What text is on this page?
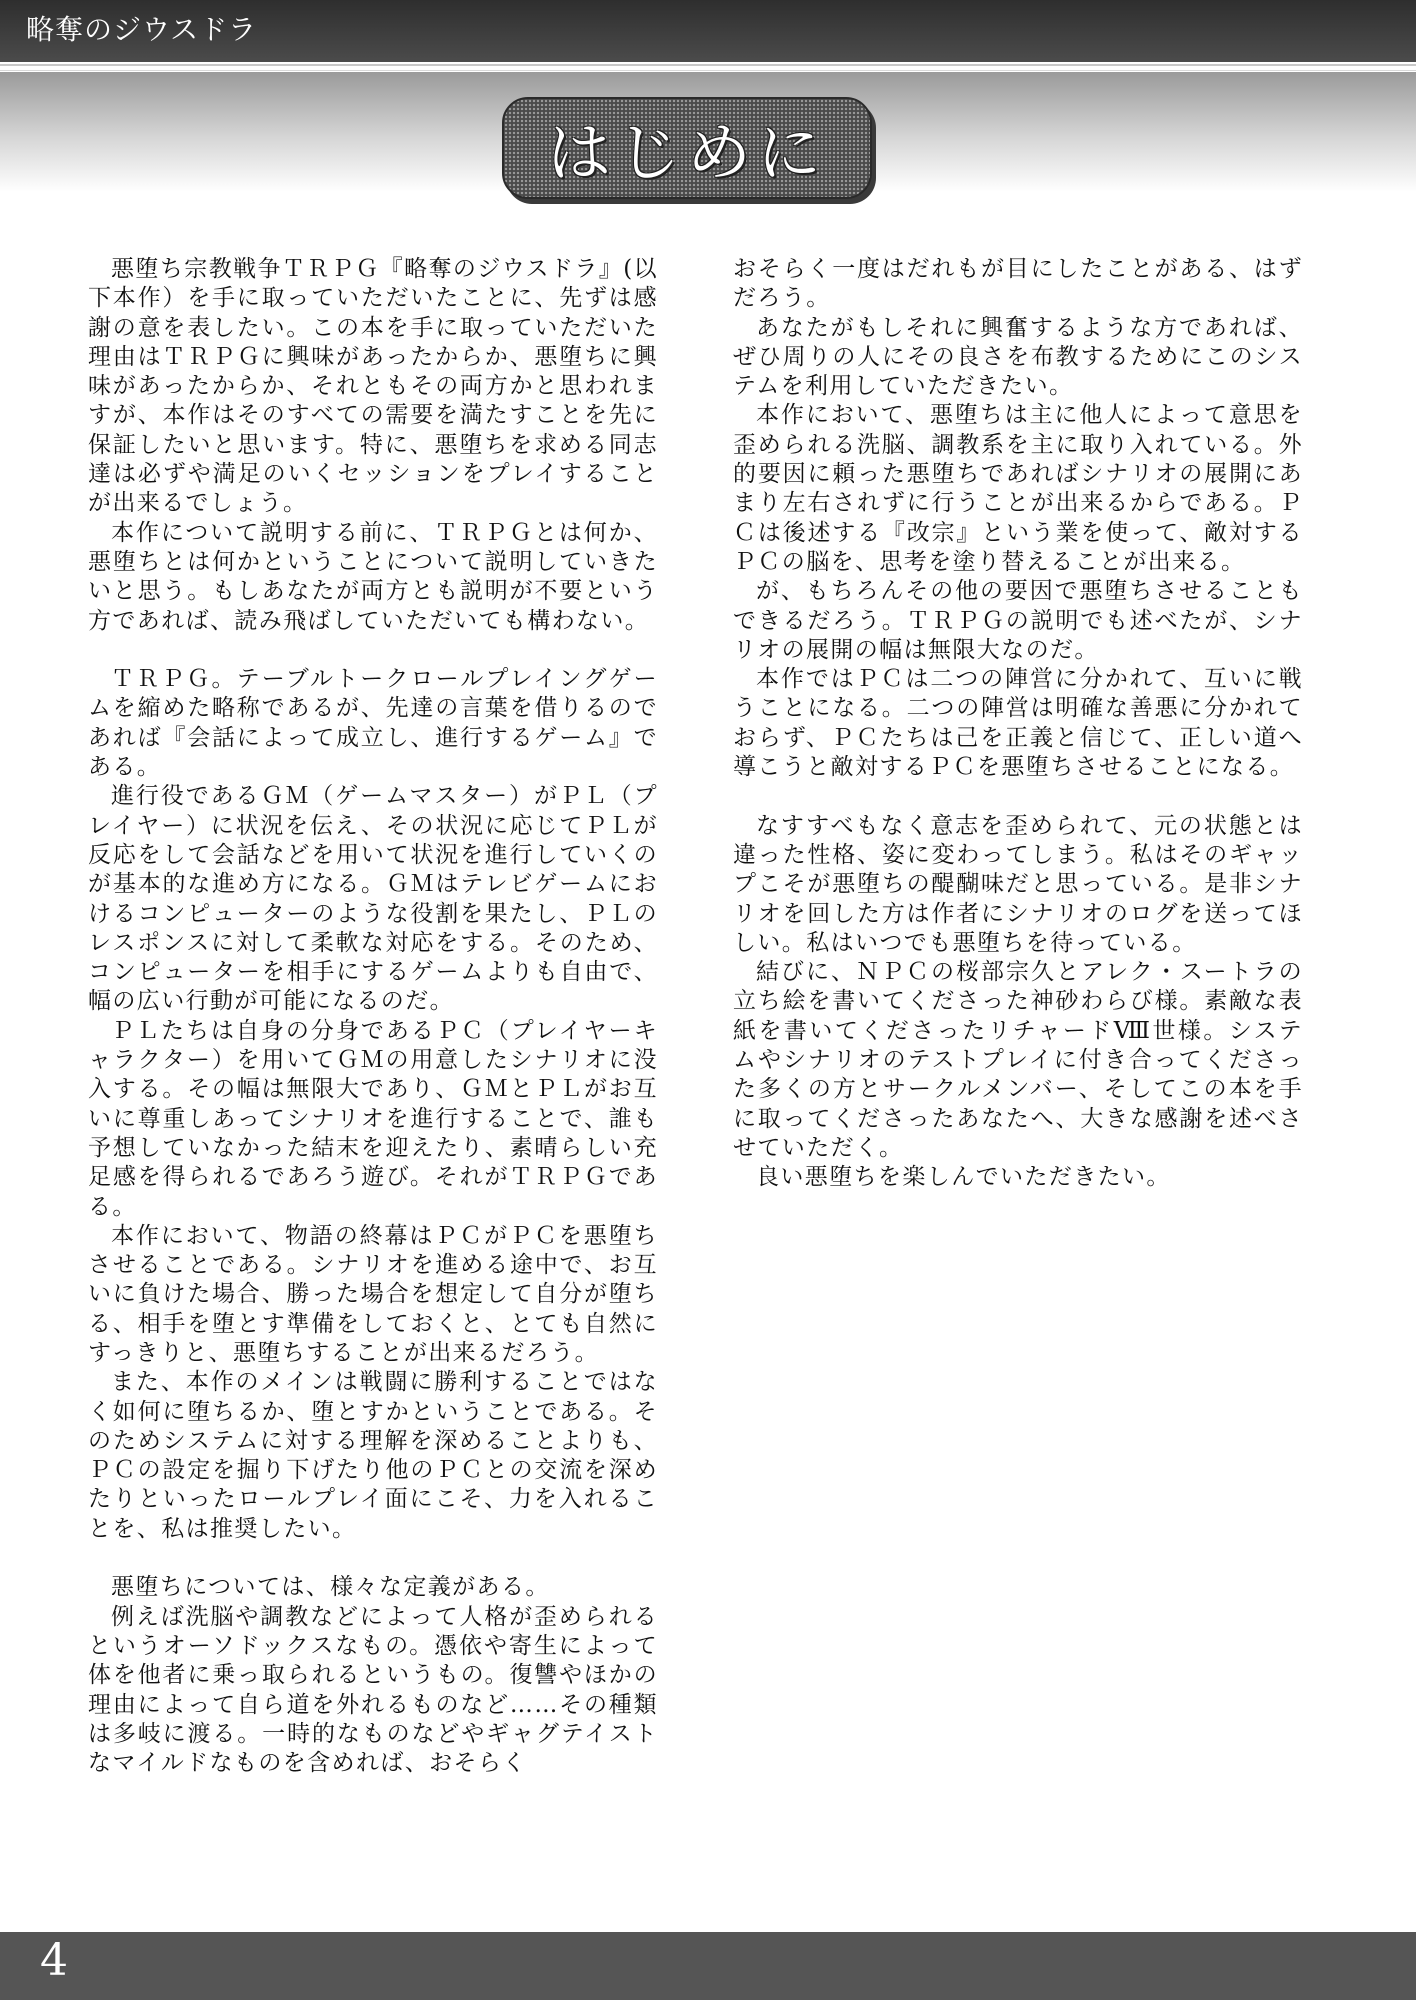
略奪のジウスドラ
はじめに

悪堕ち宗教戦争ＴＲＰＧ『略奪のジウスドラ』(以下本作）を手に取っていただいたことに、先ずは感謝の意を表したい。この本を手に取っていただいた理由はＴＲＰＧに興味があったからか、悪堕ちに興味があったからか、それともその両方かと思われますが、本作はそのすべての需要を満たすことを先に保証したいと思います。特に、悪堕ちを求める同志達は必ずや満足のいくセッションをプレイすることが出来るでしょう。

本作について説明する前に、ＴＲＰＧとは何か、悪堕ちとは何かということについて説明していきたいと思う。もしあなたが両方とも説明が不要という方であれば、読み飛ばしていただいても構わない。

ＴＲＰＧ。テーブルトークロールプレイングゲームを縮めた略称であるが、先達の言葉を借りるのであれば『会話によって成立し、進行するゲーム』である。

進行役であるＧＭ（ゲームマスター）がＰＬ（プレイヤー）に状況を伝え、その状況に応じてＰＬが反応をして会話などを用いて状況を進行していくのが基本的な進め方になる。ＧＭはテレビゲームにおけるコンピューターのような役割を果たし、ＰＬのレスポンスに対して柔軟な対応をする。そのため、コンピューターを相手にするゲームよりも自由で、幅の広い行動が可能になるのだ。

ＰＬたちは自身の分身であるＰＣ（プレイヤーキャラクター）を用いてＧＭの用意したシナリオに没入する。その幅は無限大であり、ＧＭとＰＬがお互いに尊重しあってシナリオを進行することで、誰も予想していなかった結末を迎えたり、素晴らしい充足感を得られるであろう遊び。それがＴＲＰＧである。

本作において、物語の終幕はＰＣがＰＣを悪堕ちさせることである。シナリオを進める途中で、お互いに負けた場合、勝った場合を想定して自分が堕ちる、相手を堕とす準備をしておくと、とても自然にすっきりと、悪堕ちすることが出来るだろう。

また、本作のメインは戦闘に勝利することではなく如何に堕ちるか、堕とすかということである。そのためシステムに対する理解を深めることよりも、ＰＣの設定を掘り下げたり他のＰＣとの交流を深めたりといったロールプレイ面にこそ、力を入れることを、私は推奨したい。

悪堕ちについては、様々な定義がある。

例えば洗脳や調教などによって人格が歪められるというオーソドックスなもの。憑依や寄生によって体を他者に乗っ取られるというもの。復讐やほかの理由によって自ら道を外れるものなど……その種類は多岐に渡る。一時的なものなどやギャグテイストなマイルドなものを含めれば、おそらく

おそらく一度はだれもが目にしたことがある、はずだろう。

あなたがもしそれに興奮するような方であれば、ぜひ周りの人にその良さを布教するためにこのシステムを利用していただきたい。

本作において、悪堕ちは主に他人によって意思を歪められる洗脳、調教系を主に取り入れている。外的要因に頼った悪堕ちであればシナリオの展開にあまり左右されずに行うことが出来るからである。ＰＣは後述する『改宗』という業を使って、敵対するＰＣの脳を、思考を塗り替えることが出来る。

が、もちろんその他の要因で悪堕ちさせることもできるだろう。ＴＲＰＧの説明でも述べたが、シナリオの展開の幅は無限大なのだ。

本作ではＰＣは二つの陣営に分かれて、互いに戦うことになる。二つの陣営は明確な善悪に分かれておらず、ＰＣたちは己を正義と信じて、正しい道へ導こうと敵対するＰＣを悪堕ちさせることになる。

なすすべもなく意志を歪められて、元の状態とは違った性格、姿に変わってしまう。私はそのギャップこそが悪堕ちの醍醐味だと思っている。是非シナリオを回した方は作者にシナリオのログを送ってほしい。私はいつでも悪堕ちを待っている。

結びに、ＮＰＣの桜部宗久とアレク・スートラの立ち絵を書いてくださった神砂わらび様。素敵な表紙を書いてくださったリチャードⅧ世様。システムやシナリオのテストプレイに付き合ってくださった多くの方とサークルメンバー、そしてこの本を手に取ってくださったあなたへ、大きな感謝を述べさせていただく。

良い悪堕ちを楽しんでいただきたい。

4
